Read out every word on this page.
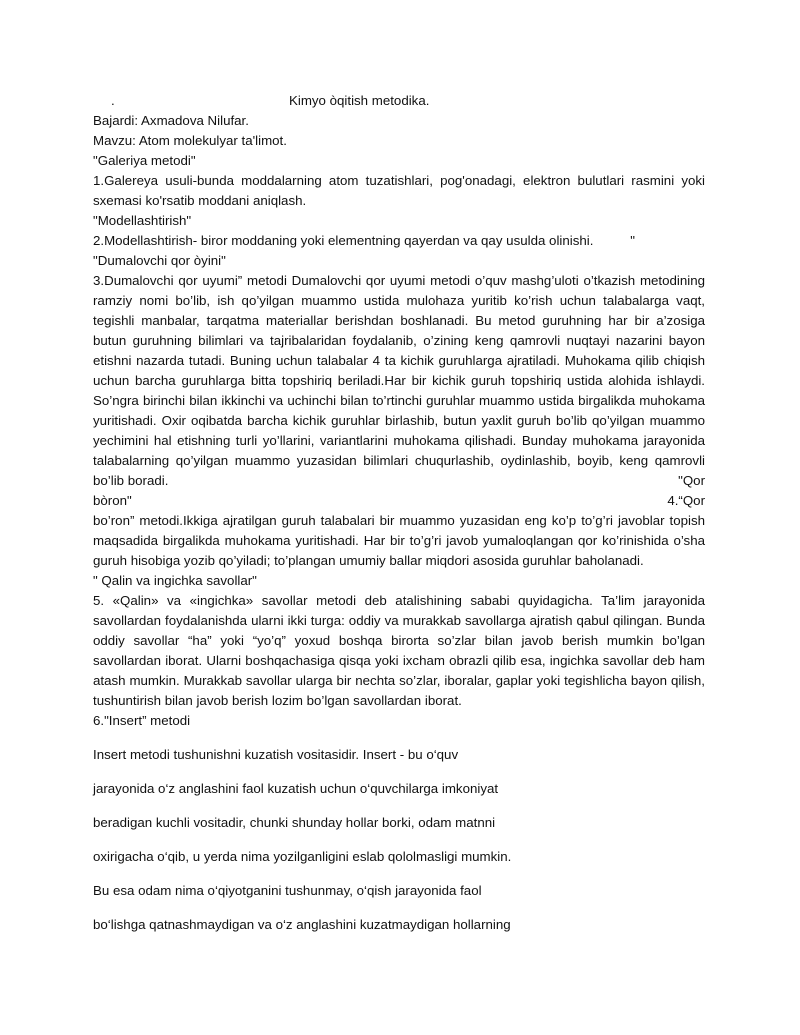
.	Kimyo òqitish metodika.
Bajardi: Axmadova Nilufar.
Mavzu: Atom molekulyar ta'limot.
"Galeriya metodi"
1.Galereya usuli-bunda moddalarning atom tuzatishlari, pog'onadagi, elektron bulutlari rasmini yoki
sxemasi ko'rsatib moddani aniqlash.
"Modellashtirish"
2.Modellashtirish- biror moddaning yoki elementning qayerdan va qay usulda olinishi.	"
"Dumalovchi qor òyini"
3.Dumalovchi qor uyumi” metodi Dumalovchi qor uyumi metodi o’quv mashg’uloti o’tkazish metodining
ramziy nomi bo’lib, ish qo’yilgan muammo ustida mulohaza yuritib ko’rish uchun talabalarga vaqt,
tegishli manbalar, tarqatma materiallar berishdan boshlanadi. Bu metod guruhning har bir a’zosiga
butun guruhning bilimlari va tajribalaridan foydalanib, o’zining keng qamrovli nuqtayi nazarini bayon
etishni nazarda tutadi. Buning uchun talabalar 4 ta kichik guruhlarga ajratiladi. Muhokama qilib chiqish
uchun barcha guruhlarga bitta topshiriq beriladi.Har bir kichik guruh topshiriq ustida alohida ishlaydi.
So’ngra birinchi bilan ikkinchi va uchinchi bilan to’rtinchi guruhlar muammo ustida birgalikda muhokama
yuritishadi. Oxir oqibatda barcha kichik guruhlar birlashib, butun yaxlit guruh bo’lib qo’yilgan muammo
yechimini hal etishning turli yo’llarini, variantlarini muhokama qilishadi. Bunday muhokama jarayonida
talabalarning qo’yilgan muammo yuzasidan bilimlari chuqurlashib, oydinlashib, boyib, keng qamrovli
bo’lib boradi.	"Qor
bòron"	4.“Qor
bo’ron” metodi.Ikkiga ajratilgan guruh talabalari bir muammo yuzasidan eng ko’p to’g’ri javoblar topish
maqsadida birgalikda muhokama yuritishadi. Har bir to’g’ri javob yumaloqlangan qor ko’rinishida o’sha
guruh hisobiga yozib qo’yiladi; to’plangan umumiy ballar miqdori asosida guruhlar baholanadi.
" Qalin va ingichka savollar"
5. «Qalin» va «ingichka» savollar metodi deb atalishining sababi quyidagicha. Ta’lim jarayonida
savollardan foydalanishda ularni ikki turga: oddiy va murakkab savollarga ajratish qabul qilingan. Bunda
oddiy savollar “ha” yoki “yo’q” yoxud boshqa birorta so’zlar bilan javob berish mumkin bo’lgan
savollardan iborat. Ularni boshqachasiga qisqa yoki ixcham obrazli qilib esa, ingichka savollar deb ham
atash mumkin. Murakkab savollar ularga bir nechta so’zlar, iboralar, gaplar yoki tegishlicha bayon qilish,
tushuntirish bilan javob berish lozim bo’lgan savollardan iborat.
6."Insert” metodi
Insert metodi tushunishni kuzatish vositasidir. Insert - bu o‘quv
jarayonida o‘z anglashini faol kuzatish uchun o‘quvchilarga imkoniyat
beradigan kuchli vositadir, chunki shunday hollar borki, odam matnni
oxirigacha o‘qib, u yerda nima yozilganligini eslab qololmasligi mumkin.
Bu esa odam nima o‘qiyotganini tushunmay, o‘qish jarayonida faol
bo‘lishga qatnashmaydigan va o‘z anglashini kuzatmaydigan hollarning
